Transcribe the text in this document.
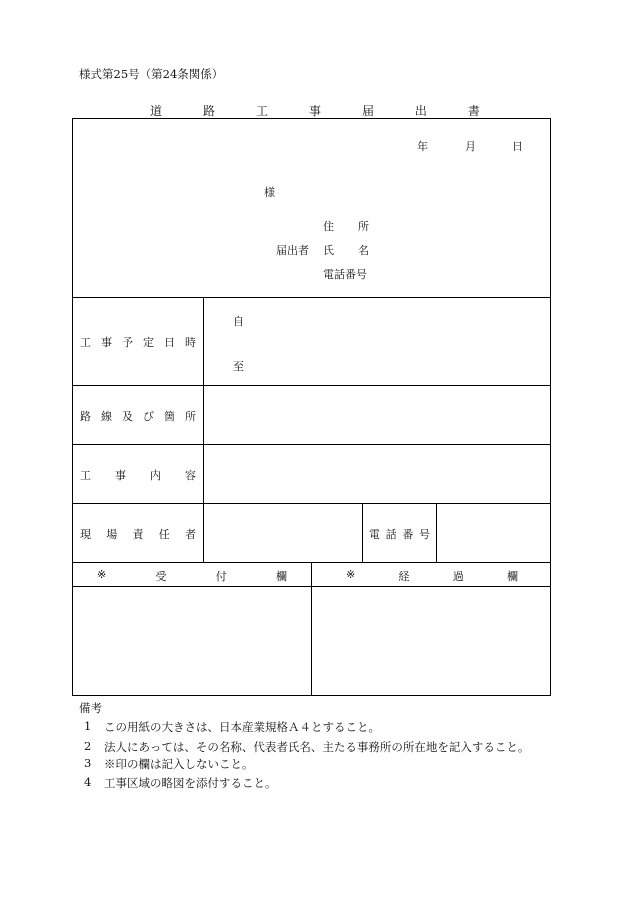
様式第25号（第24条関係）
道	路	工	事	届	出	書
年	月	日
様
住 所
届出者 氏 名
電話番号
工 事 予 定 日 時
自
至
路 線 及 び 箇 所
工 事 内 容
現 場 責 任 者	電 話 番 号
※	受	付	欄	※	経	過	欄
備考
1 この用紙の大きさは、日本産業規格Ａ４とすること。
2 法人にあっては、その名称、代表者氏名、主たる事務所の所在地を記入すること。
3 ※印の欄は記入しないこと。
4 工事区域の略図を添付すること。
